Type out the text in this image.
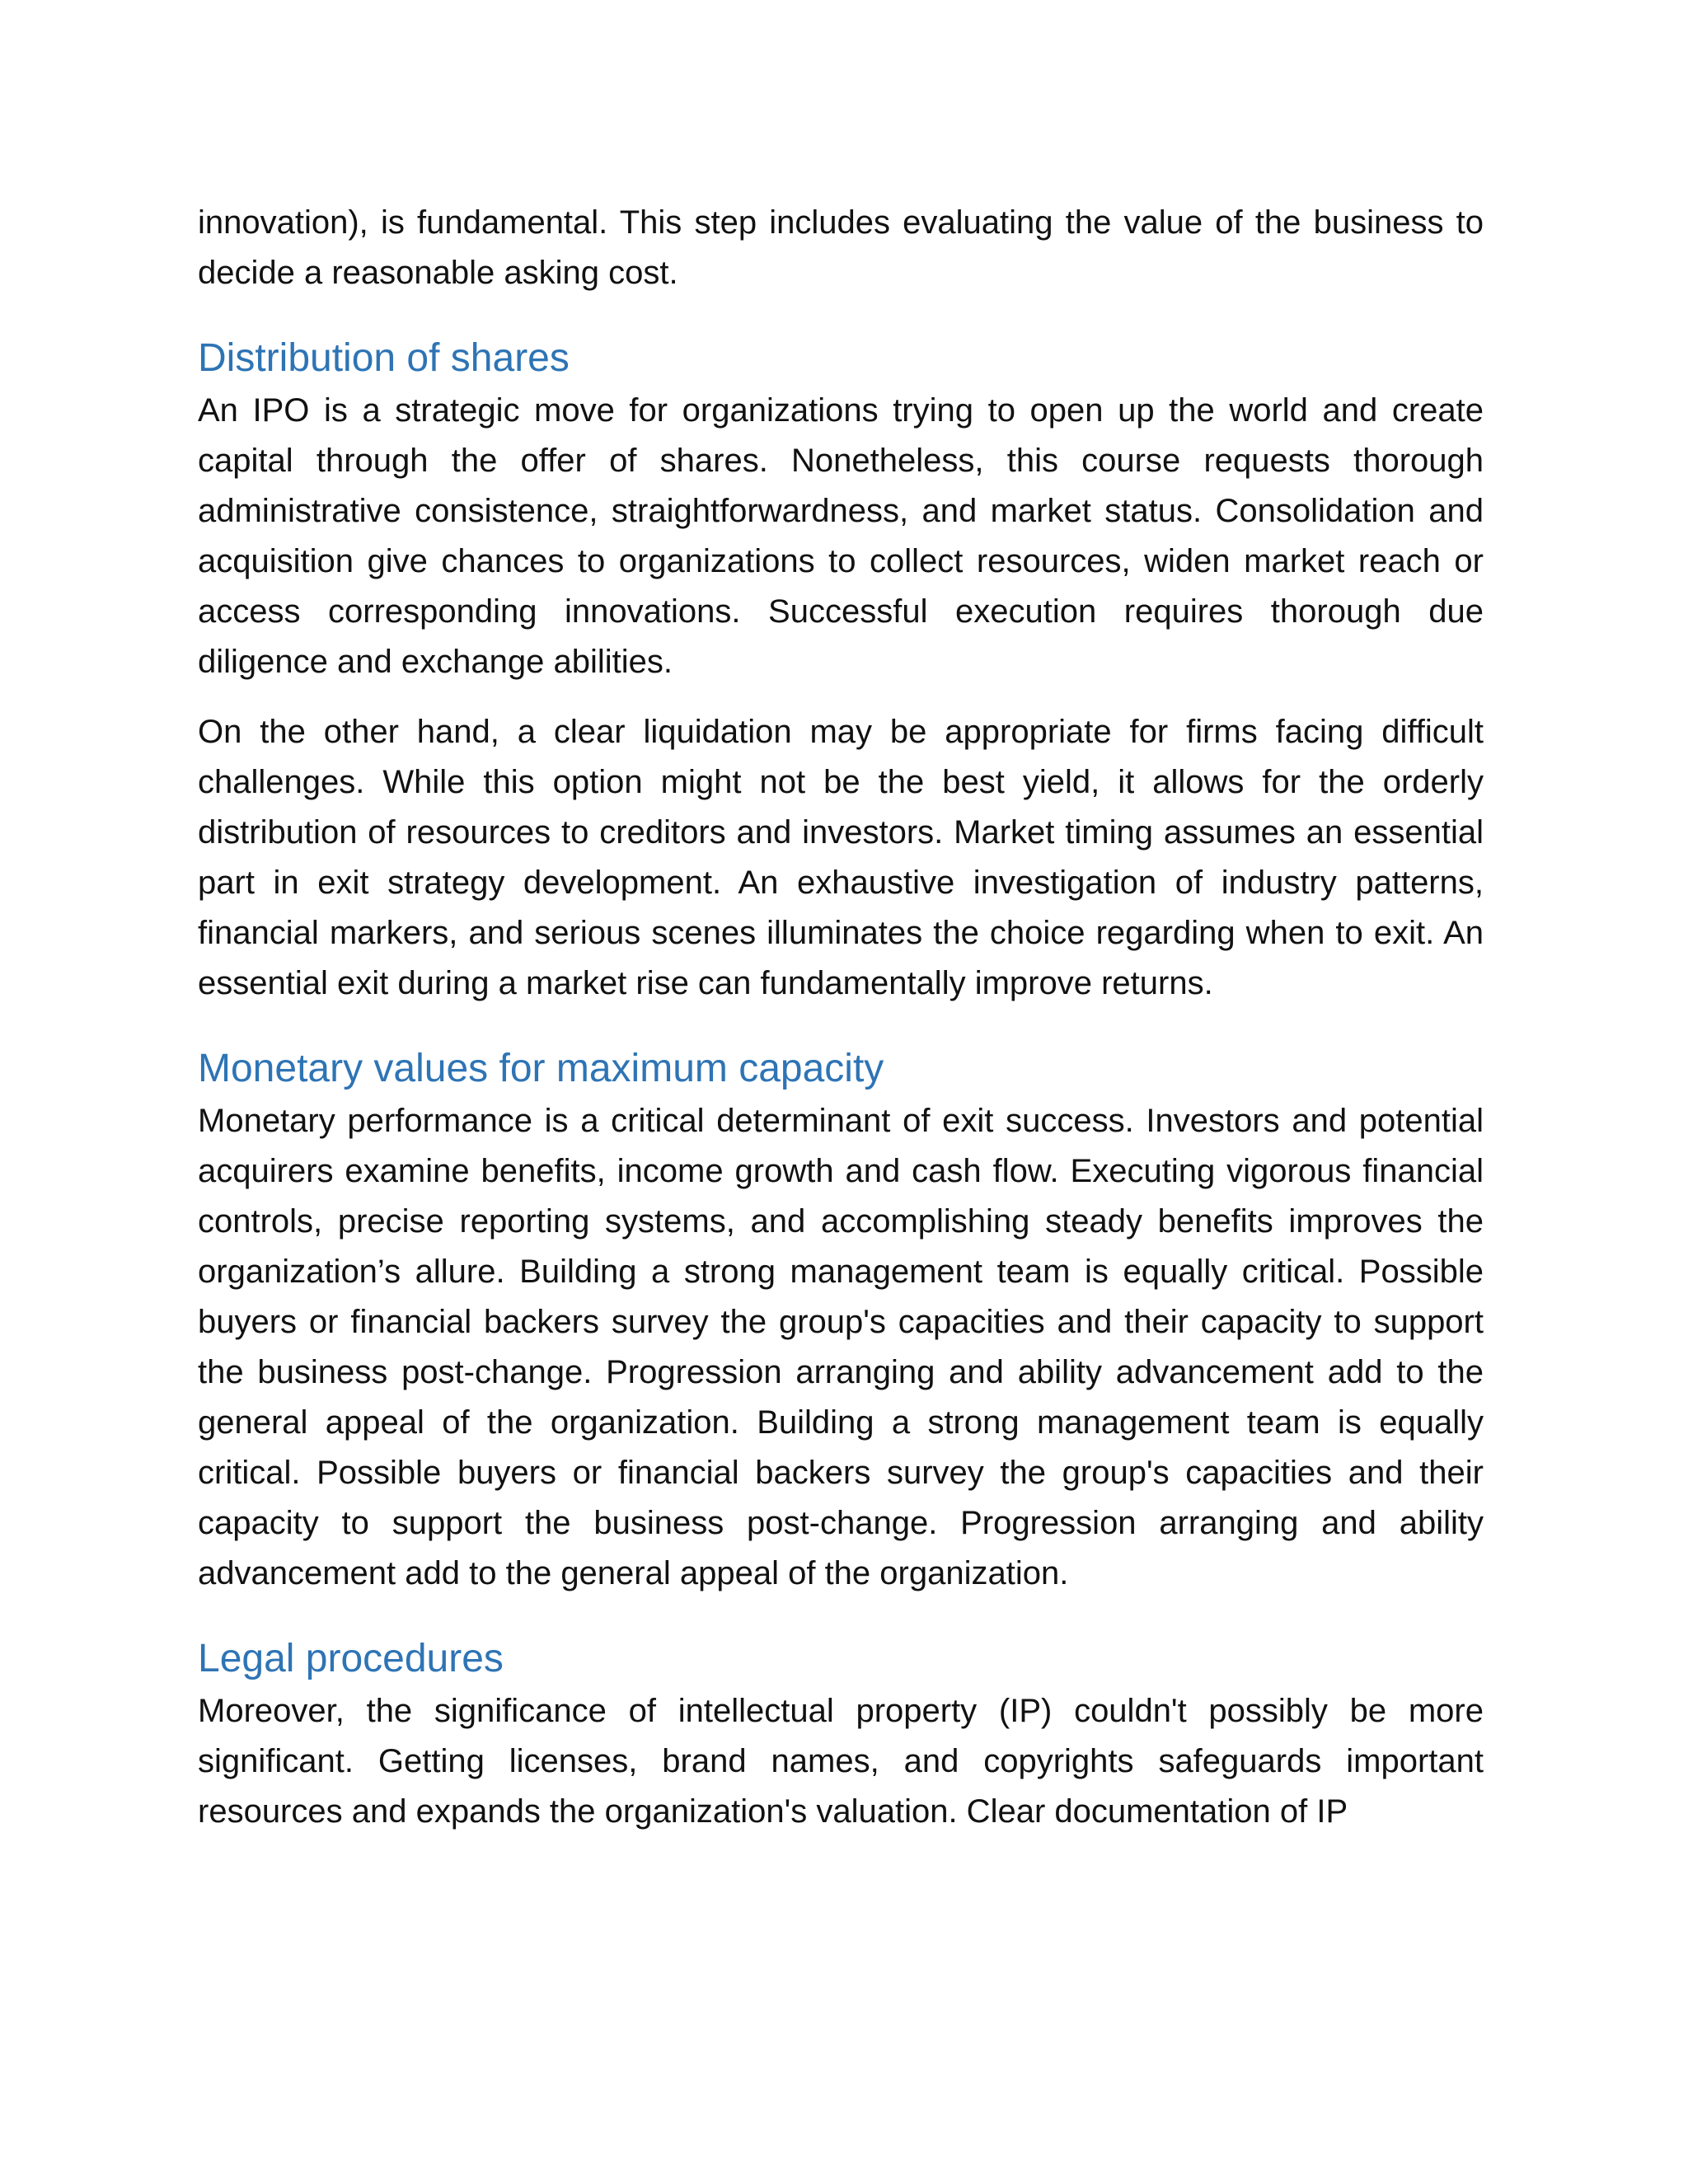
innovation), is fundamental. This step includes evaluating the value of the business to decide a reasonable asking cost.

Distribution of shares

An IPO is a strategic move for organizations trying to open up the world and create capital through the offer of shares. Nonetheless, this course requests thorough administrative consistence, straightforwardness, and market status. Consolidation and acquisition give chances to organizations to collect resources, widen market reach or access corresponding innovations. Successful execution requires thorough due diligence and exchange abilities.

On the other hand, a clear liquidation may be appropriate for firms facing difficult challenges. While this option might not be the best yield, it allows for the orderly distribution of resources to creditors and investors. Market timing assumes an essential part in exit strategy development. An exhaustive investigation of industry patterns, financial markers, and serious scenes illuminates the choice regarding when to exit. An essential exit during a market rise can fundamentally improve returns.

Monetary values for maximum capacity

Monetary performance is a critical determinant of exit success. Investors and potential acquirers examine benefits, income growth and cash flow. Executing vigorous financial controls, precise reporting systems, and accomplishing steady benefits improves the organization’s allure. Building a strong management team is equally critical. Possible buyers or financial backers survey the group's capacities and their capacity to support the business post-change. Progression arranging and ability advancement add to the general appeal of the organization. Building a strong management team is equally critical. Possible buyers or financial backers survey the group's capacities and their capacity to support the business post-change. Progression arranging and ability advancement add to the general appeal of the organization.

Legal procedures

Moreover, the significance of intellectual property (IP) couldn't possibly be more significant. Getting licenses, brand names, and copyrights safeguards important resources and expands the organization's valuation. Clear documentation of IP
